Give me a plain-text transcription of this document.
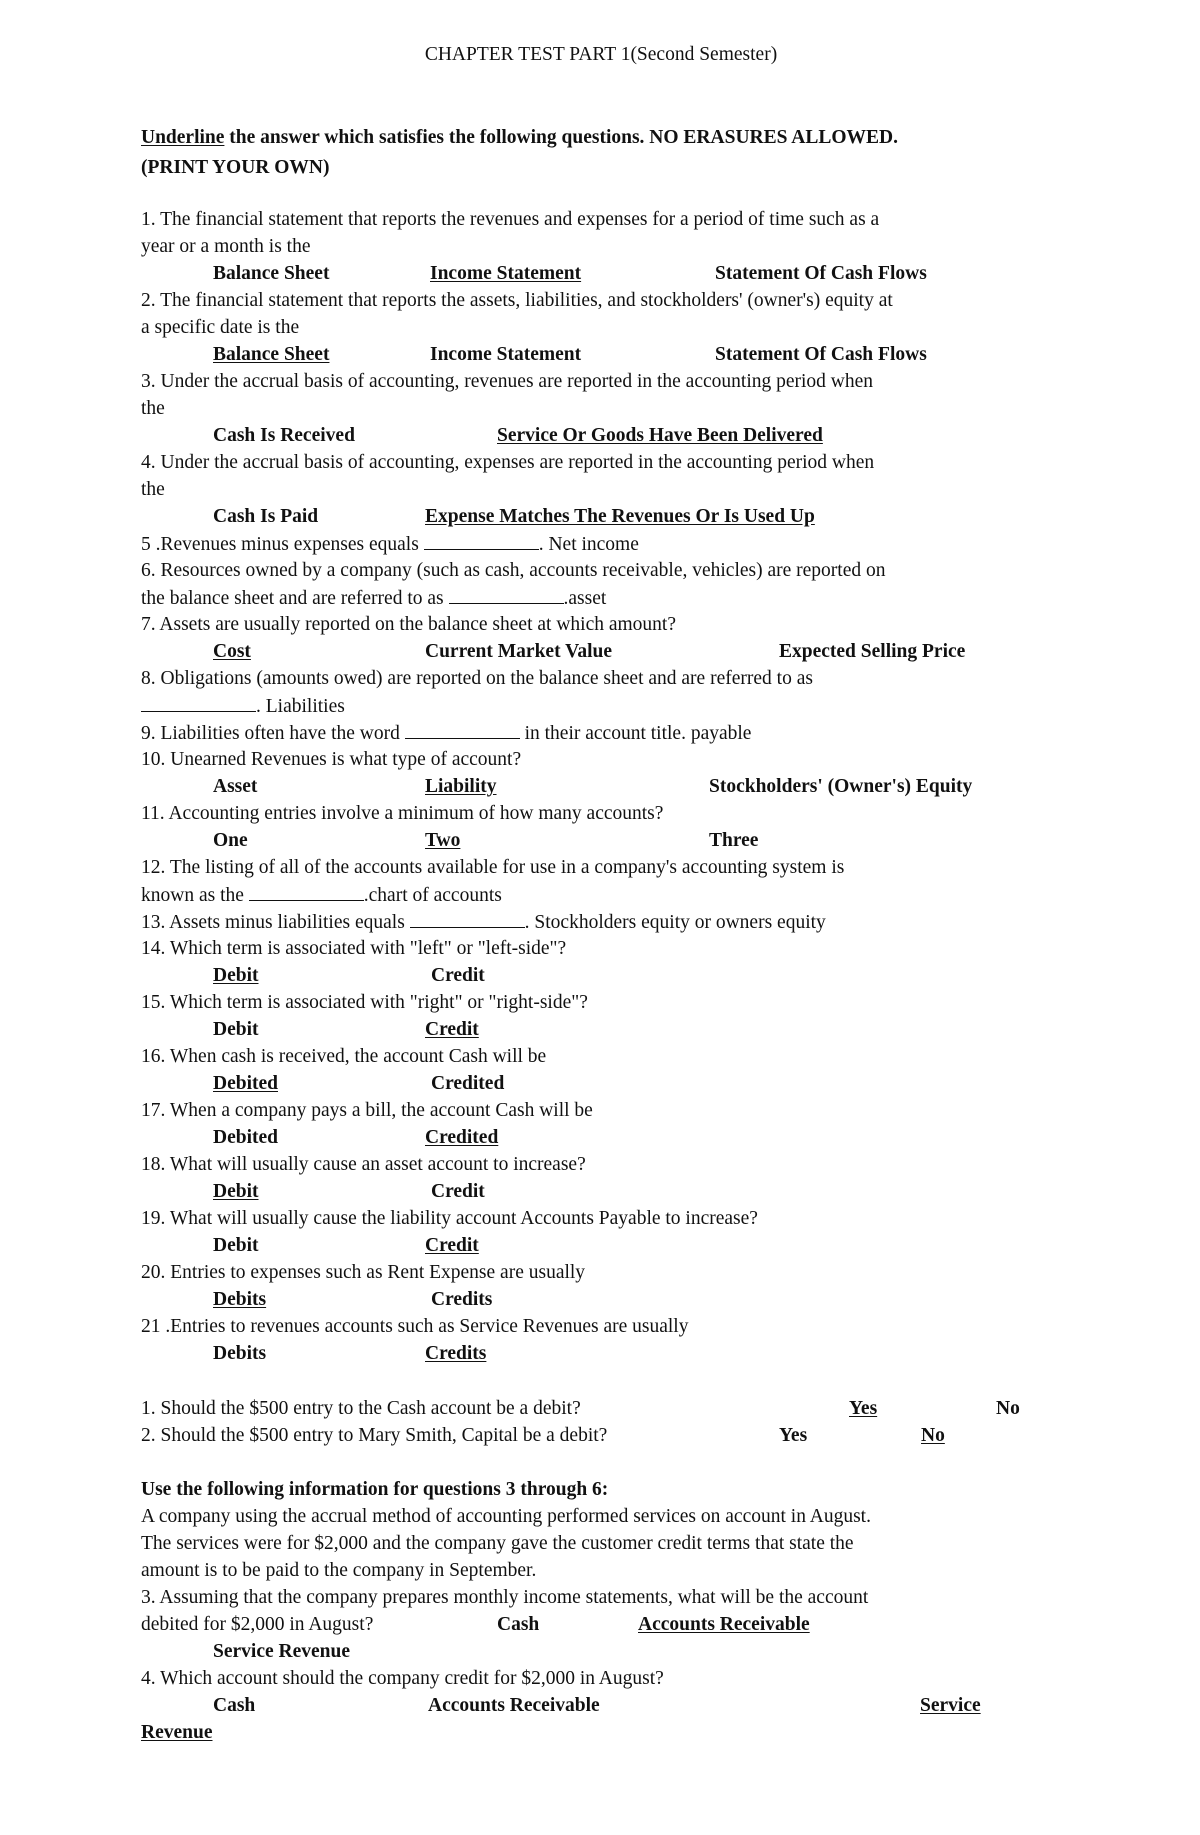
CHAPTER TEST PART 1(Second Semester)
Underline the answer which satisfies the following questions. NO ERASURES ALLOWED.
(PRINT YOUR OWN)
1. The financial statement that reports the revenues and expenses for a period of time such as a
year or a month is the
Balance Sheet	Income Statement	Statement Of Cash Flows
2. The financial statement that reports the assets, liabilities, and stockholders' (owner's) equity at
a specific date is the
Balance Sheet	Income Statement	Statement Of Cash Flows
3. Under the accrual basis of accounting, revenues are reported in the accounting period when
the
Cash Is Received	Service Or Goods Have Been Delivered
4. Under the accrual basis of accounting, expenses are reported in the accounting period when
the
Cash Is Paid	Expense Matches The Revenues Or Is Used Up
5 .Revenues minus expenses equals	. Net income
6. Resources owned by a company (such as cash, accounts receivable, vehicles) are reported on
the balance sheet and are referred to as	.asset
7. Assets are usually reported on the balance sheet at which amount?
Cost	Current Market Value	Expected Selling Price
8. Obligations (amounts owed) are reported on the balance sheet and are referred to as
. Liabilities
9. Liabilities often have the word	in their account title. payable
10. Unearned Revenues is what type of account?
Asset	Liability	Stockholders' (Owner's) Equity
11. Accounting entries involve a minimum of how many accounts?
One	Two	Three
12. The listing of all of the accounts available for use in a company's accounting system is
known as the	.chart of accounts
13. Assets minus liabilities equals	. Stockholders equity or owners equity
14. Which term is associated with "left" or "left-side"?
Debit	Credit
15. Which term is associated with "right" or "right-side"?
Debit	Credit
16. When cash is received, the account Cash will be
Debited	Credited
17. When a company pays a bill, the account Cash will be
Debited	Credited
18. What will usually cause an asset account to increase?
Debit	Credit
19. What will usually cause the liability account Accounts Payable to increase?
Debit	Credit
20. Entries to expenses such as Rent Expense are usually
Debits	Credits
21 .Entries to revenues accounts such as Service Revenues are usually
Debits	Credits
1. Should the $500 entry to the Cash account be a debit?	Yes	No
2. Should the $500 entry to Mary Smith, Capital be a debit?	Yes	No
Use the following information for questions 3 through 6:
A company using the accrual method of accounting performed services on account in August.
The services were for $2,000 and the company gave the customer credit terms that state the
amount is to be paid to the company in September.
3. Assuming that the company prepares monthly income statements, what will be the account
debited for $2,000 in August?	Cash	Accounts Receivable
Service Revenue
4. Which account should the company credit for $2,000 in August?
Cash	Accounts Receivable	Service
Revenue
